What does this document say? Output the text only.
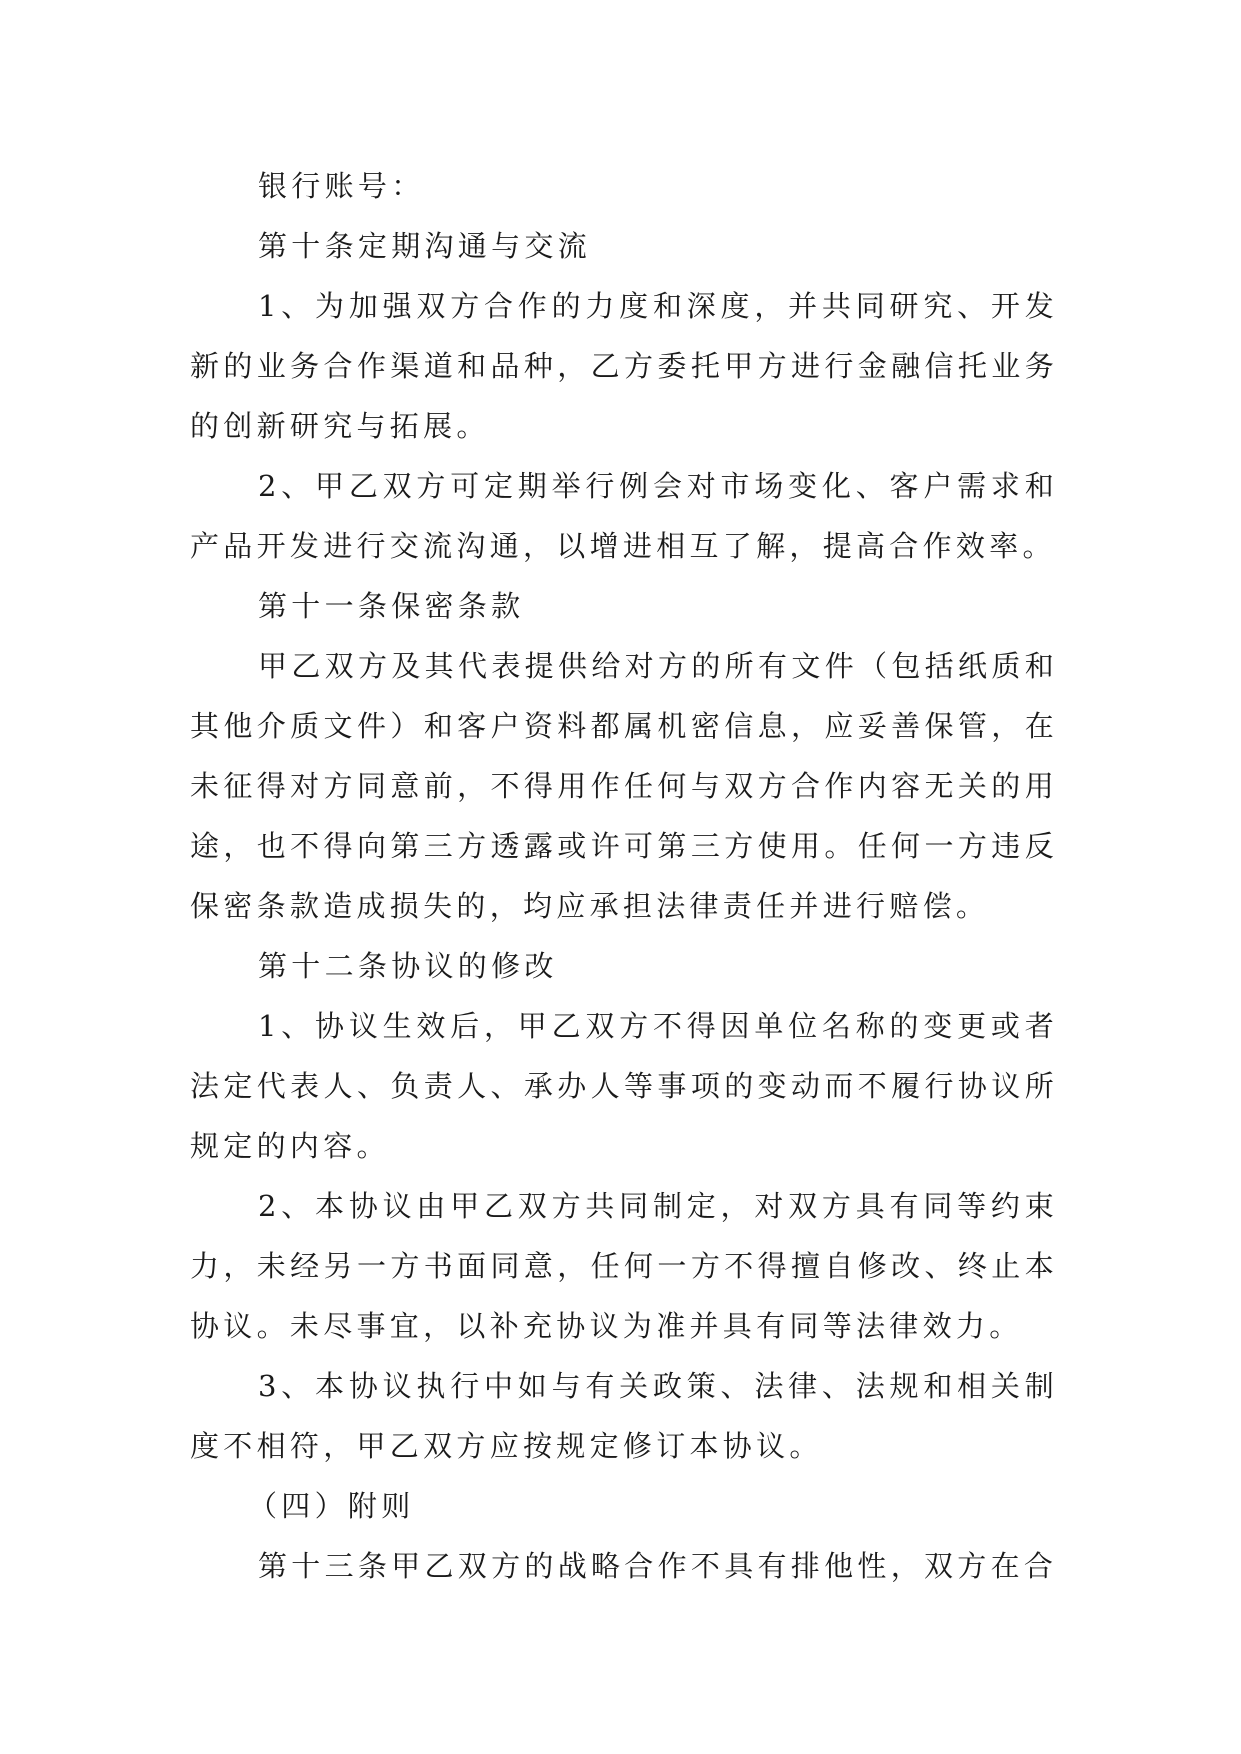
银行账号：

第十条定期沟通与交流

1、为加强双方合作的力度和深度，并共同研究、开发新的业务合作渠道和品种，乙方委托甲方进行金融信托业务的创新研究与拓展。

2、甲乙双方可定期举行例会对市场变化、客户需求和产品开发进行交流沟通，以增进相互了解，提高合作效率。

第十一条保密条款

甲乙双方及其代表提供给对方的所有文件（包括纸质和其他介质文件）和客户资料都属机密信息，应妥善保管，在未征得对方同意前，不得用作任何与双方合作内容无关的用途，也不得向第三方透露或许可第三方使用。任何一方违反保密条款造成损失的，均应承担法律责任并进行赔偿。

第十二条协议的修改

1、协议生效后，甲乙双方不得因单位名称的变更或者法定代表人、负责人、承办人等事项的变动而不履行协议所规定的内容。

2、本协议由甲乙双方共同制定，对双方具有同等约束力，未经另一方书面同意，任何一方不得擅自修改、终止本协议。未尽事宜，以补充协议为准并具有同等法律效力。

3、本协议执行中如与有关政策、法律、法规和相关制度不相符，甲乙双方应按规定修订本协议。

（四）附则

第十三条甲乙双方的战略合作不具有排他性，双方在合
